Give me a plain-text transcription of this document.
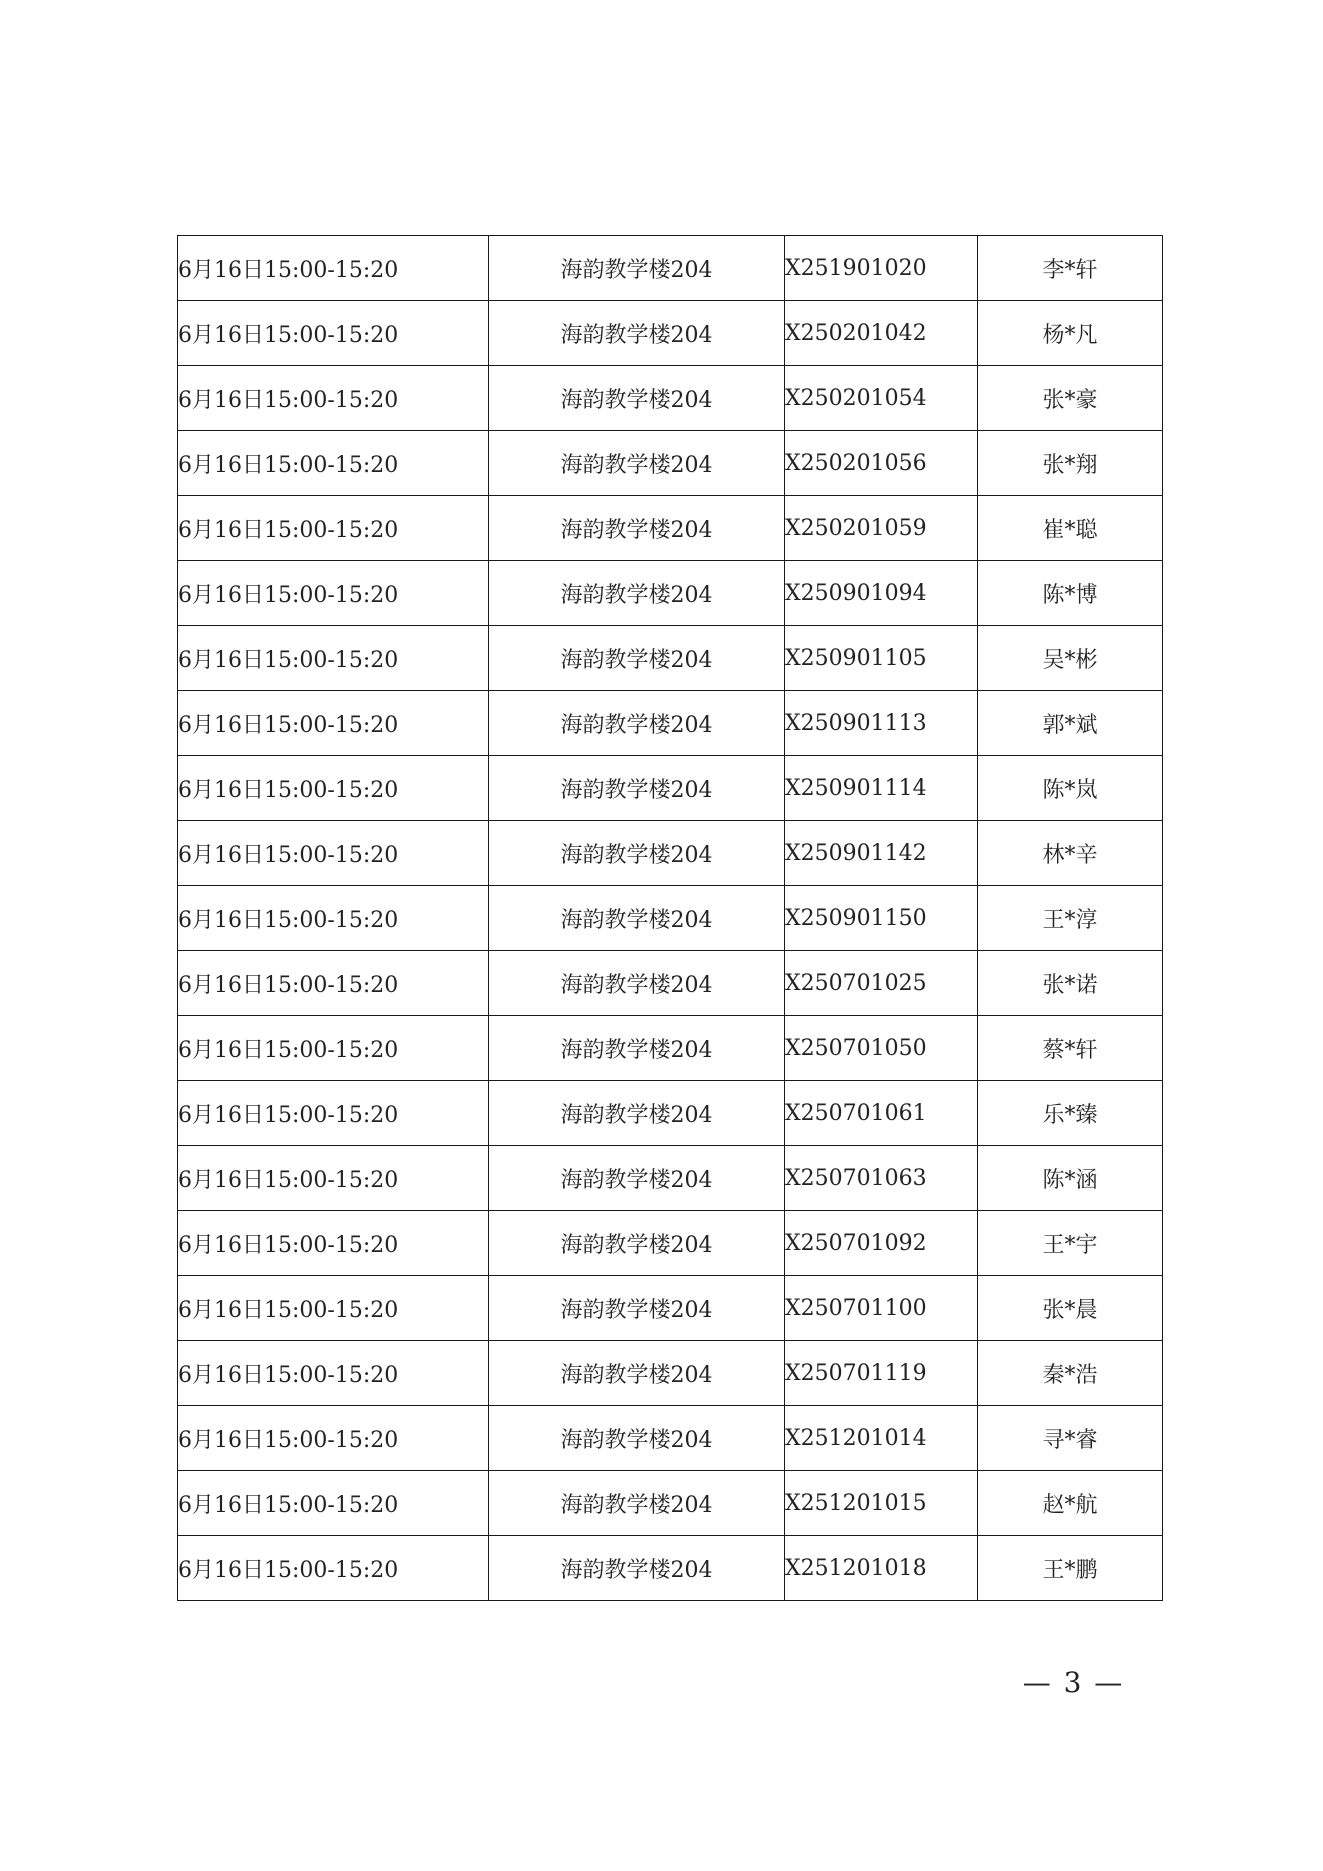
6月16日15:00-15:20	海韵教学楼204	X251901020	李*轩
6月16日15:00-15:20	海韵教学楼204	X250201042	杨*凡
6月16日15:00-15:20	海韵教学楼204	X250201054	张*豪
6月16日15:00-15:20	海韵教学楼204	X250201056	张*翔
6月16日15:00-15:20	海韵教学楼204	X250201059	崔*聪
6月16日15:00-15:20	海韵教学楼204	X250901094	陈*博
6月16日15:00-15:20	海韵教学楼204	X250901105	吴*彬
6月16日15:00-15:20	海韵教学楼204	X250901113	郭*斌
6月16日15:00-15:20	海韵教学楼204	X250901114	陈*岚
6月16日15:00-15:20	海韵教学楼204	X250901142	林*辛
6月16日15:00-15:20	海韵教学楼204	X250901150	王*淳
6月16日15:00-15:20	海韵教学楼204	X250701025	张*诺
6月16日15:00-15:20	海韵教学楼204	X250701050	蔡*轩
6月16日15:00-15:20	海韵教学楼204	X250701061	乐*臻
6月16日15:00-15:20	海韵教学楼204	X250701063	陈*涵
6月16日15:00-15:20	海韵教学楼204	X250701092	王*宇
6月16日15:00-15:20	海韵教学楼204	X250701100	张*晨
6月16日15:00-15:20	海韵教学楼204	X250701119	秦*浩
6月16日15:00-15:20	海韵教学楼204	X251201014	寻*睿
6月16日15:00-15:20	海韵教学楼204	X251201015	赵*航
6月16日15:00-15:20	海韵教学楼204	X251201018	王*鹏
— 3 —
